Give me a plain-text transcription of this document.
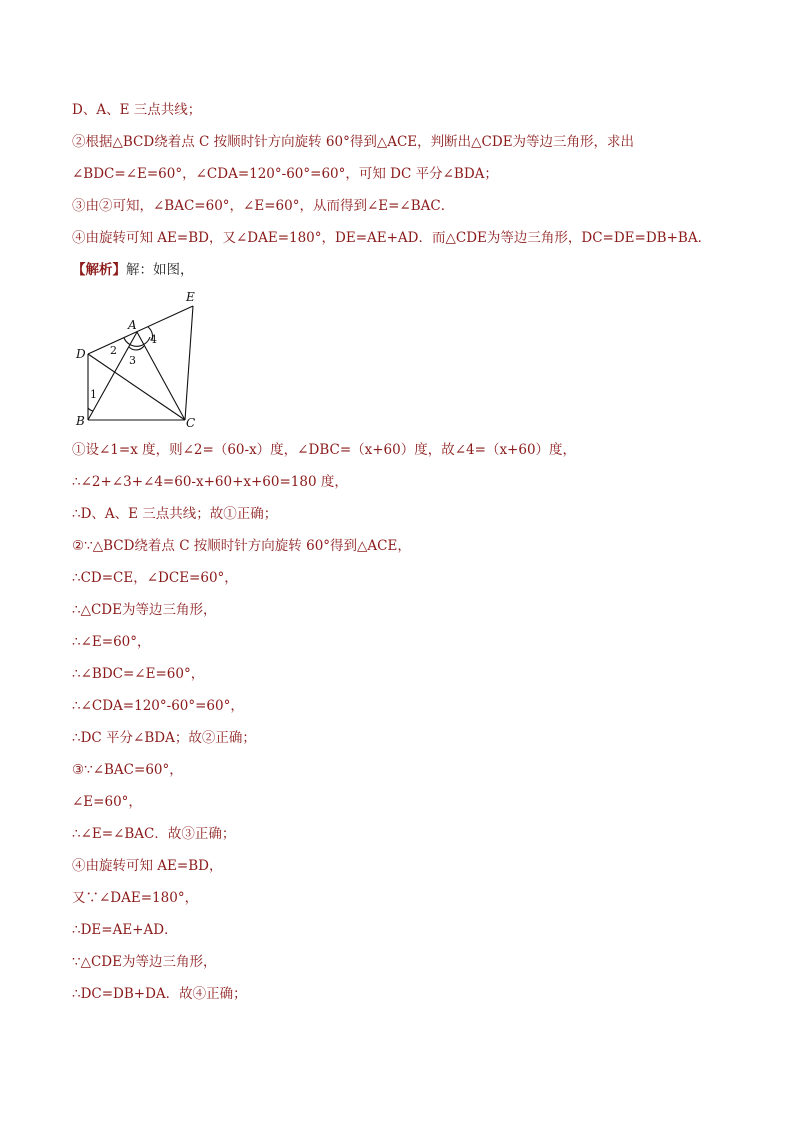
D、A、E 三点共线；
②根据△BCD绕着点 C 按顺时针方向旋转 60°得到△ACE，判断出△CDE为等边三角形，求出
∠BDC=∠E=60°，∠CDA=120°-60°=60°，可知 DC 平分∠BDA；
③由②可知，∠BAC=60°，∠E=60°，从而得到∠E=∠BAC．
④由旋转可知 AE=BD，又∠DAE=180°，DE=AE+AD．而△CDE为等边三角形，DC=DE=DB+BA．
【解析】解：如图，
E
A
D
B	C
1
2
3
4
①设∠1=x 度，则∠2=（60-x）度，∠DBC=（x+60）度，故∠4=（x+60）度，
∴∠2+∠3+∠4=60-x+60+x+60=180 度，
∴D、A、E 三点共线；故①正确；
②∵△BCD绕着点 C 按顺时针方向旋转 60°得到△ACE，
∴CD=CE，∠DCE=60°，
∴△CDE为等边三角形，
∴∠E=60°，
∴∠BDC=∠E=60°，
∴∠CDA=120°-60°=60°，
∴DC 平分∠BDA；故②正确；
③∵∠BAC=60°，
∠E=60°，
∴∠E=∠BAC．故③正确；
④由旋转可知 AE=BD，
又∵∠DAE=180°，
∴DE=AE+AD．
∵△CDE为等边三角形，
∴DC=DB+DA．故④正确；
